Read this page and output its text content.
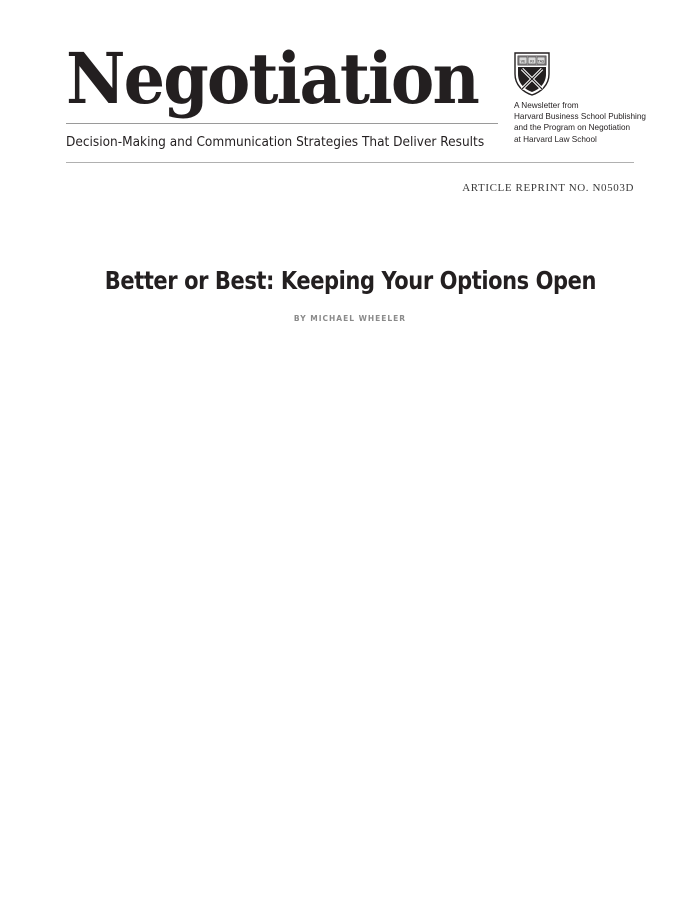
Negotiation
Decision-Making and Communication Strategies That Deliver Results
VE RI TAS
A Newsletter from
Harvard Business School Publishing
and the Program on Negotiation
at Harvard Law School
ARTICLE REPRINT NO. N0503D
Better or Best: Keeping Your Options Open
BY MICHAEL WHEELER
